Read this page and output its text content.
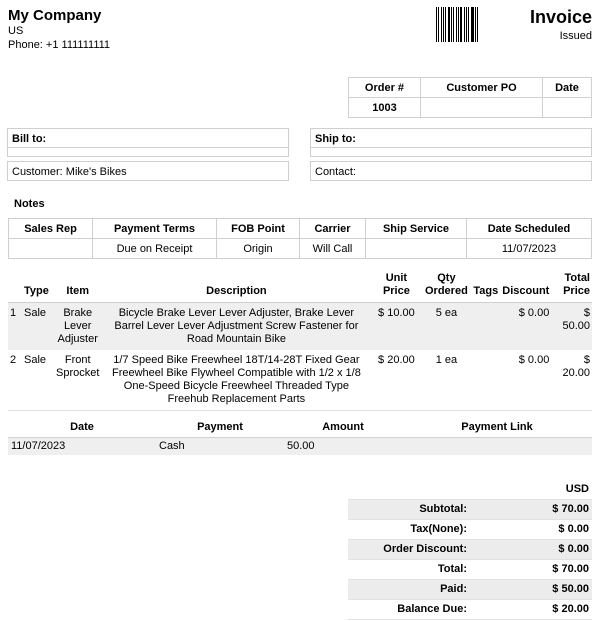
My Company
US
Phone: +1 111111111
Invoice
Issued
Order #	Customer PO	Date
1003		
Bill to:
Customer: Mike's Bikes
Ship to:
Contact:
Notes
Sales Rep	Payment Terms	FOB Point	Carrier	Ship Service	Date Scheduled
	Due on Receipt	Origin	Will Call		11/07/2023
	Type	Item	Description	Unit Price	Qty Ordered	Tags	Discount	Total Price
1	Sale	Brake Lever Adjuster	Bicycle Brake Lever Lever Adjuster, Brake Lever Barrel Lever Lever Adjustment Screw Fastener for Road Mountain Bike	$ 10.00	5 ea		$ 0.00	$ 50.00
2	Sale	Front Sprocket	1/7 Speed Bike Freewheel 18T/14-28T Fixed Gear Freewheel Bike Flywheel Compatible with 1/2 x 1/8 One-Speed Bicycle Freewheel Threaded Type Freehub Replacement Parts	$ 20.00	1 ea		$ 0.00	$ 20.00
Date	Payment	Amount	Payment Link
11/07/2023	Cash	50.00	
	USD
Subtotal:	$ 70.00
Tax(None):	$ 0.00
Order Discount:	$ 0.00
Total:	$ 70.00
Paid:	$ 50.00
Balance Due:	$ 20.00
